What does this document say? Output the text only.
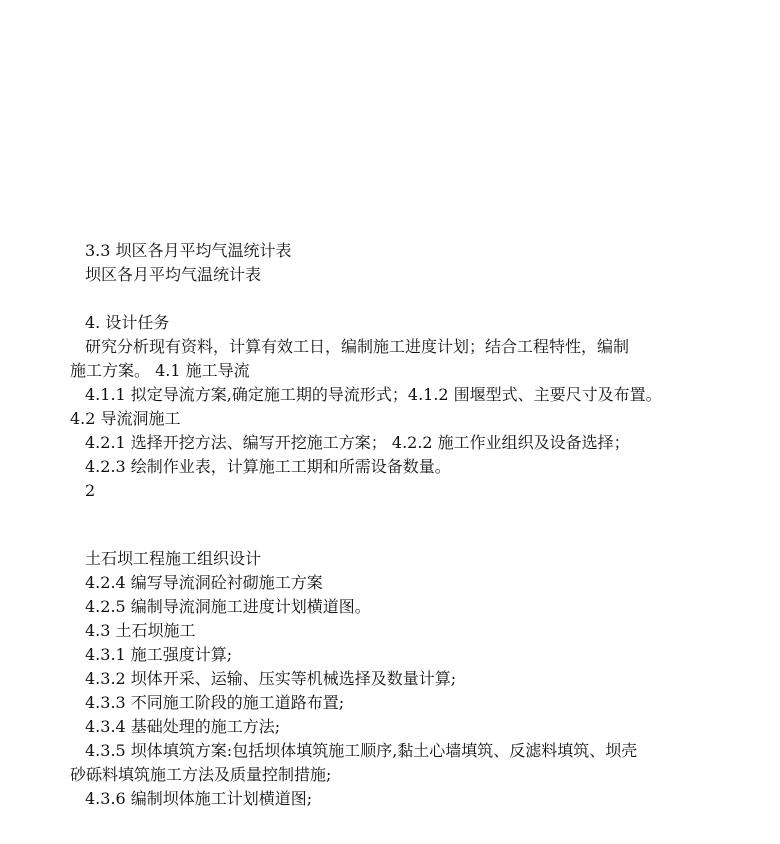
3.3 坝区各月平均气温统计表
坝区各月平均气温统计表
4. 设计任务
研究分析现有资料，计算有效工日，编制施工进度计划；结合工程特性，编制
施工方案。 4.1 施工导流
4.1.1 拟定导流方案,确定施工期的导流形式；4.1.2 围堰型式、主要尺寸及布置。
4.2 导流洞施工
4.2.1 选择开挖方法、编写开挖施工方案； 4.2.2 施工作业组织及设备选择；
4.2.3 绘制作业表，计算施工工期和所需设备数量。
2
土石坝工程施工组织设计
4.2.4 编写导流洞砼衬砌施工方案
4.2.5 编制导流洞施工进度计划横道图。
4.3 土石坝施工
4.3.1 施工强度计算;
4.3.2 坝体开采、运输、压实等机械选择及数量计算;
4.3.3 不同施工阶段的施工道路布置;
4.3.4 基础处理的施工方法;
4.3.5 坝体填筑方案:包括坝体填筑施工顺序,黏土心墙填筑、反滤料填筑、坝壳
砂砾料填筑施工方法及质量控制措施;
4.3.6 编制坝体施工计划横道图;
